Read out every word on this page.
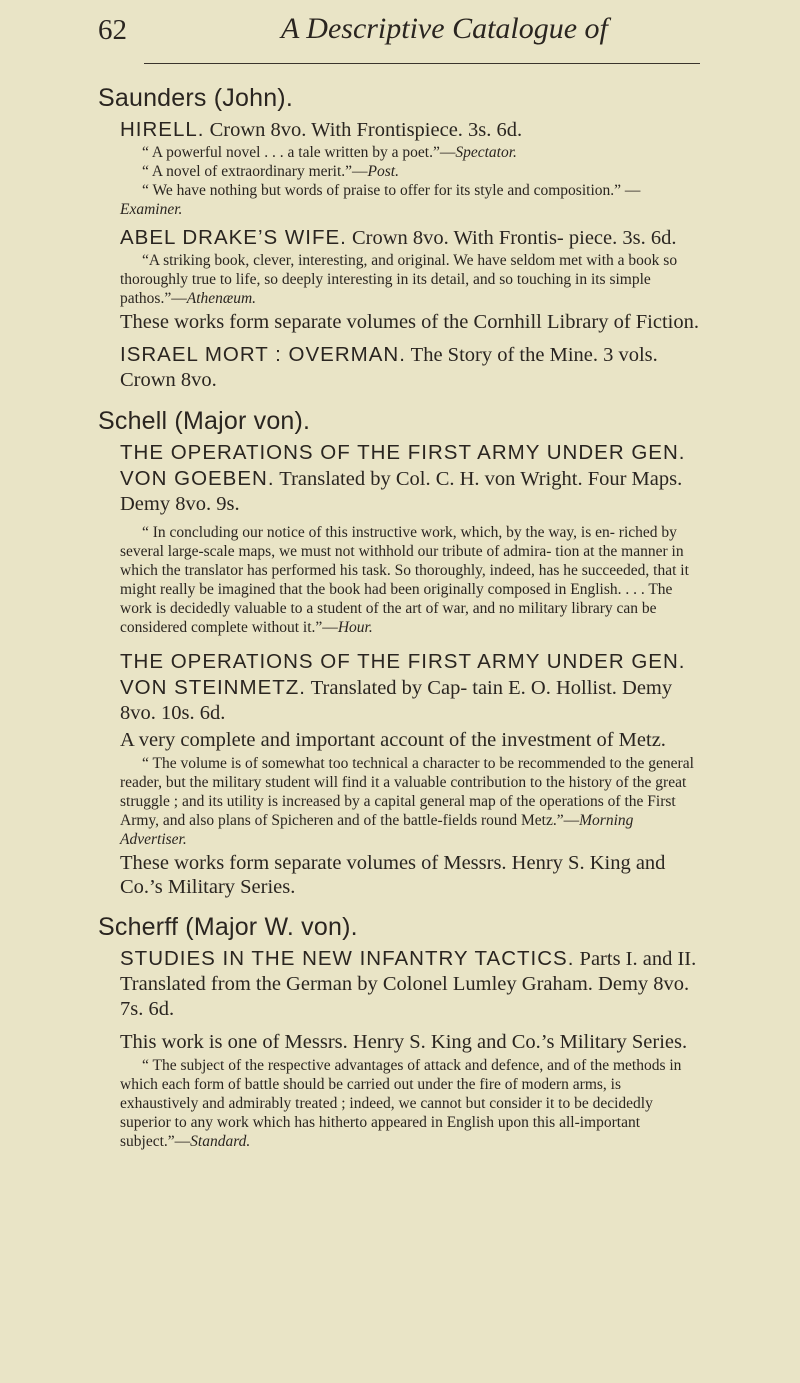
62	A Descriptive Catalogue of
Saunders (John).

HIRELL. Crown 8vo. With Frontispiece. 3s. 6d.

“ A powerful novel . . . a tale written by a poet.”—Spectator.

“ A novel of extraordinary merit.”—Post.

“ We have nothing but words of praise to offer for its style and composition.” —Examiner.

ABEL DRAKE’S WIFE. Crown 8vo. With Frontis- piece. 3s. 6d.

“A striking book, clever, interesting, and original. We have seldom met with a book so thoroughly true to life, so deeply interesting in its detail, and so touching in its simple pathos.”—Athenæum.

These works form separate volumes of the Cornhill Library of Fiction.

ISRAEL MORT : OVERMAN. The Story of the Mine. 3 vols. Crown 8vo.

Schell (Major von).

THE OPERATIONS OF THE FIRST ARMY UNDER GEN. VON GOEBEN. Translated by Col. C. H. von Wright. Four Maps. Demy 8vo. 9s.

“ In concluding our notice of this instructive work, which, by the way, is en- riched by several large-scale maps, we must not withhold our tribute of admira- tion at the manner in which the translator has performed his task. So thoroughly, indeed, has he succeeded, that it might really be imagined that the book had been originally composed in English. . . . The work is decidedly valuable to a student of the art of war, and no military library can be considered complete without it.”—Hour.

THE OPERATIONS OF THE FIRST ARMY UNDER GEN. VON STEINMETZ. Translated by Cap- tain E. O. Hollist. Demy 8vo. 10s. 6d.

A very complete and important account of the investment of Metz.

“ The volume is of somewhat too technical a character to be recommended to the general reader, but the military student will find it a valuable contribution to the history of the great struggle ; and its utility is increased by a capital general map of the operations of the First Army, and also plans of Spicheren and of the battle-fields round Metz.”—Morning Advertiser.

These works form separate volumes of Messrs. Henry S. King and Co.’s Military Series.

Scherff (Major W. von).

STUDIES IN THE NEW INFANTRY TACTICS. Parts I. and II. Translated from the German by Colonel Lumley Graham. Demy 8vo. 7s. 6d.

This work is one of Messrs. Henry S. King and Co.’s Military Series.

“ The subject of the respective advantages of attack and defence, and of the methods in which each form of battle should be carried out under the fire of modern arms, is exhaustively and admirably treated ; indeed, we cannot but consider it to be decidedly superior to any work which has hitherto appeared in English upon this all-important subject.”—Standard.
